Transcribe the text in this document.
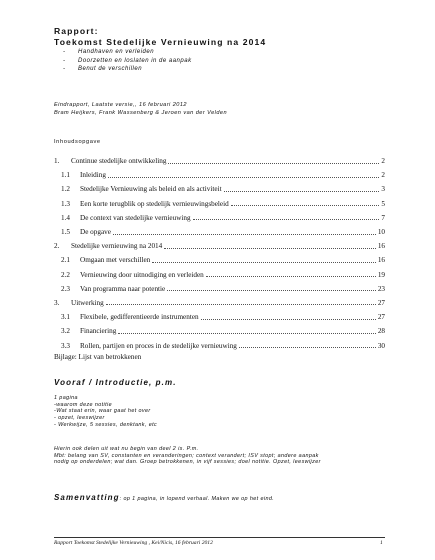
Rapport:
Toekomst Stedelijke Vernieuwing na 2014
- Handhaven en verleiden
- Doorzetten en loslaten in de aanpak
- Benut de verschillen
Eindrapport, Laatste versie,, 16 februari 2012
Bram Heijkers, Frank Wassenberg & Jeroen van der Velden
Inhoudsopgave
1.	Continue stedelijke ontwikkeling	2
1.1	Inleiding	2
1.2	Stedelijke Vernieuwing als beleid en als activiteit	3
1.3	Een korte terugblik op stedelijk vernieuwingsbeleid	5
1.4	De context van stedelijke vernieuwing	7
1.5	De opgave	10
2.	Stedelijke vernieuwing na 2014	16
2.1	Omgaan met verschillen	16
2.2	Vernieuwing door uitnodiging en verleiden	19
2.3	Van programma naar potentie	23
3.	Uitwerking	27
3.1	Flexibele, gedifferentieerde instrumenten	27
3.2	Financiering	28
3.3	Rollen, partijen en proces in de stedelijke vernieuwing	30
Bijlage: Lijst van betrokkenen
Vooraf / Introductie, p.m.
1 pagina
-waarom deze notitie
-Wat staat erin, waar gaat het over
- opzet, leeswijzer
- Werkwijze, 5 sessies, denktank, etc
Hierin ook delen uit wat nu begin van deel 2 is. P.m.
Mbt: belang van SV, constanten en veranderingen; context verandert; ISV stopt; andere aanpak
nodig op onderdelen; wat dan. Groep betrokkenen, in vijf sessies; doel notitie. Opzet, leeswijzer
Samenvatting: op 1 pagina, in lopend verhaal. Maken we op het eind.
Rapport Toekomst Stedelijke Vernieuwing , Kei/Nicis, 16 februari 2012	1
